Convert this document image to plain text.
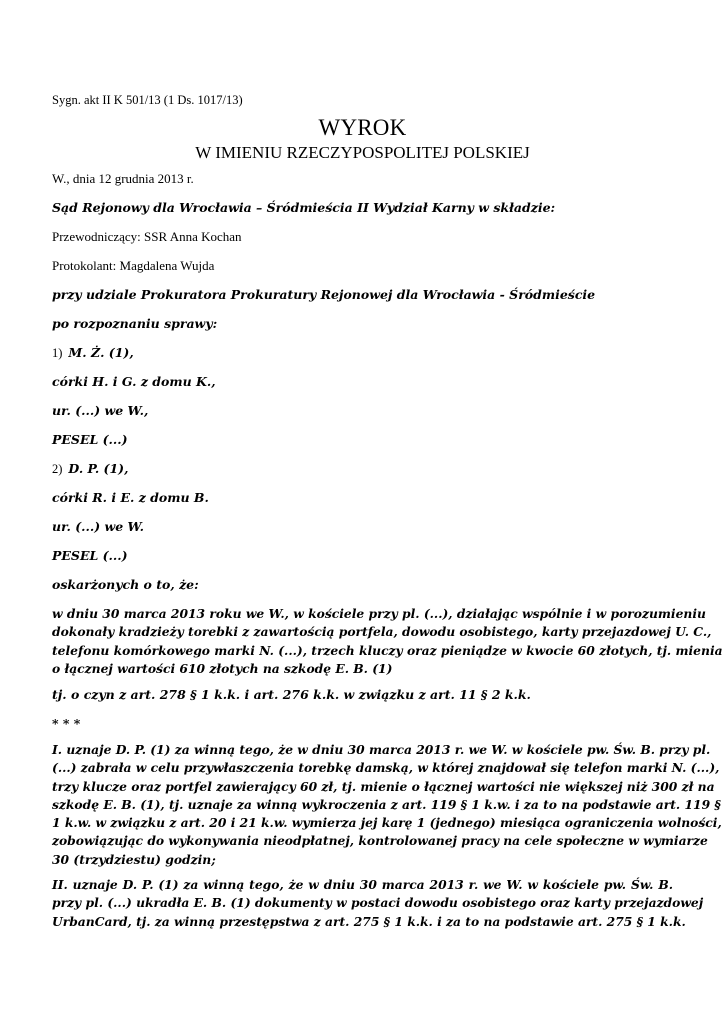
Sygn. akt II K 501/13 (1 Ds. 1017/13)
WYROK
W IMIENIU RZECZYPOSPOLITEJ POLSKIEJ
W., dnia 12 grudnia 2013 r.
Sąd Rejonowy dla Wrocławia – Śródmieścia II Wydział Karny w składzie:
Przewodniczący: SSR Anna Kochan
Protokolant: Magdalena Wujda
przy udziale Prokuratora Prokuratury Rejonowej dla Wrocławia - Śródmieście
po rozpoznaniu sprawy:
1) M. Ż. (1),
córki H. i G. z domu K.,
ur. (...) we W.,
PESEL (...)
2) D. P. (1),
córki R. i E. z domu B.
ur. (...) we W.
PESEL (...)
oskarżonych o to, że:
w dniu 30 marca 2013 roku we W., w kościele przy pl. (...), działając wspólnie i w porozumieniu
dokonały kradzieży torebki z zawartością portfela, dowodu osobistego, karty przejazdowej U. C.,
telefonu komórkowego marki N. (...), trzech kluczy oraz pieniądze w kwocie 60 złotych, tj. mienia
o łącznej wartości 610 złotych na szkodę E. B. (1)
tj. o czyn z art. 278 § 1 k.k. i art. 276 k.k. w związku z art. 11 § 2 k.k.
* * *
I. uznaje D. P. (1) za winną tego, że w dniu 30 marca 2013 r. we W. w kościele pw. Św. B. przy pl.
(...) zabrała w celu przywłaszczenia torebkę damską, w której znajdował się telefon marki N. (...),
trzy klucze oraz portfel zawierający 60 zł, tj. mienie o łącznej wartości nie większej niż 300 zł na
szkodę E. B. (1), tj. uznaje za winną wykroczenia z art. 119 § 1 k.w. i za to na podstawie art. 119 §
1 k.w. w związku z art. 20 i 21 k.w. wymierza jej karę 1 (jednego) miesiąca ograniczenia wolności,
zobowiązując do wykonywania nieodpłatnej, kontrolowanej pracy na cele społeczne w wymiarze
30 (trzydziestu) godzin;
II. uznaje D. P. (1) za winną tego, że w dniu 30 marca 2013 r. we W. w kościele pw. Św. B.
przy pl. (...) ukradła E. B. (1) dokumenty w postaci dowodu osobistego oraz karty przejazdowej
UrbanCard, tj. za winną przestępstwa z art. 275 § 1 k.k. i za to na podstawie art. 275 § 1 k.k.
